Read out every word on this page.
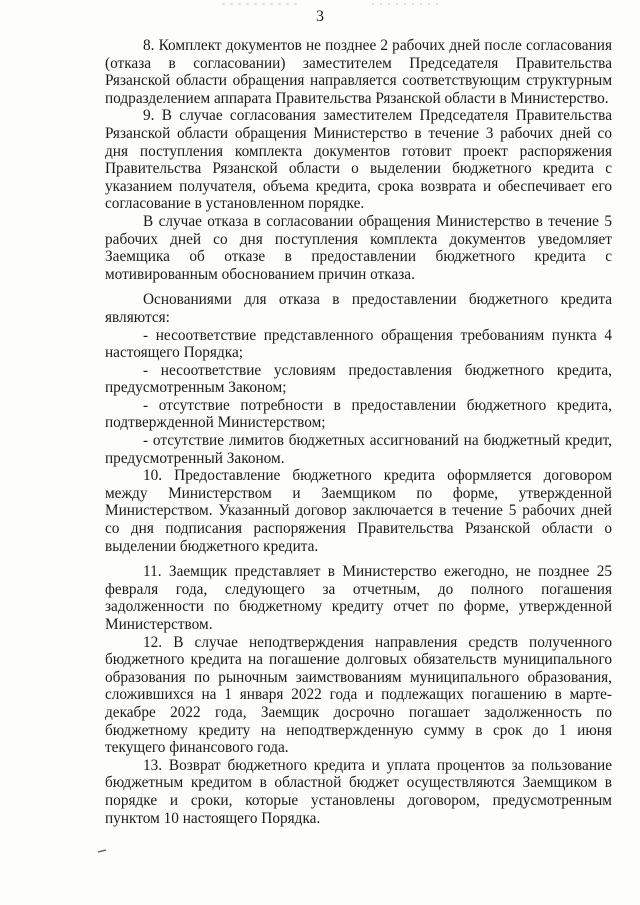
3

8. Комплект документов не позднее 2 рабочих дней после согласования (отказа в согласовании) заместителем Председателя Правительства Рязанской области обращения направляется соответствующим структурным подразделением аппарата Правительства Рязанской области в Министерство.

9. В случае согласования заместителем Председателя Правительства Рязанской области обращения Министерство в течение 3 рабочих дней со дня поступления комплекта документов готовит проект распоряжения Правительства Рязанской области о выделении бюджетного кредита с указанием получателя, объема кредита, срока возврата и обеспечивает его согласование в установленном порядке.

В случае отказа в согласовании обращения Министерство в течение 5 рабочих дней со дня поступления комплекта документов уведомляет Заемщика об отказе в предоставлении бюджетного кредита с мотивированным обоснованием причин отказа.

Основаниями для отказа в предоставлении бюджетного кредита являются:

- несоответствие представленного обращения требованиям пункта 4 настоящего Порядка;

- несоответствие условиям предоставления бюджетного кредита, предусмотренным Законом;

- отсутствие потребности в предоставлении бюджетного кредита, подтвержденной Министерством;

- отсутствие лимитов бюджетных ассигнований на бюджетный кредит, предусмотренный Законом.

10. Предоставление бюджетного кредита оформляется договором между Министерством и Заемщиком по форме, утвержденной Министерством. Указанный договор заключается в течение 5 рабочих дней со дня подписания распоряжения Правительства Рязанской области о выделении бюджетного кредита.

11. Заемщик представляет в Министерство ежегодно, не позднее 25 февраля года, следующего за отчетным, до полного погашения задолженности по бюджетному кредиту отчет по форме, утвержденной Министерством.

12. В случае неподтверждения направления средств полученного бюджетного кредита на погашение долговых обязательств муниципального образования по рыночным заимствованиям муниципального образования, сложившихся на 1 января 2022 года и подлежащих погашению в марте-декабре 2022 года, Заемщик досрочно погашает задолженность по бюджетному кредиту на неподтвержденную сумму в срок до 1 июня текущего финансового года.

13. Возврат бюджетного кредита и уплата процентов за пользование бюджетным кредитом в областной бюджет осуществляются Заемщиком в порядке и сроки, которые установлены договором, предусмотренным пунктом 10 настоящего Порядка.
